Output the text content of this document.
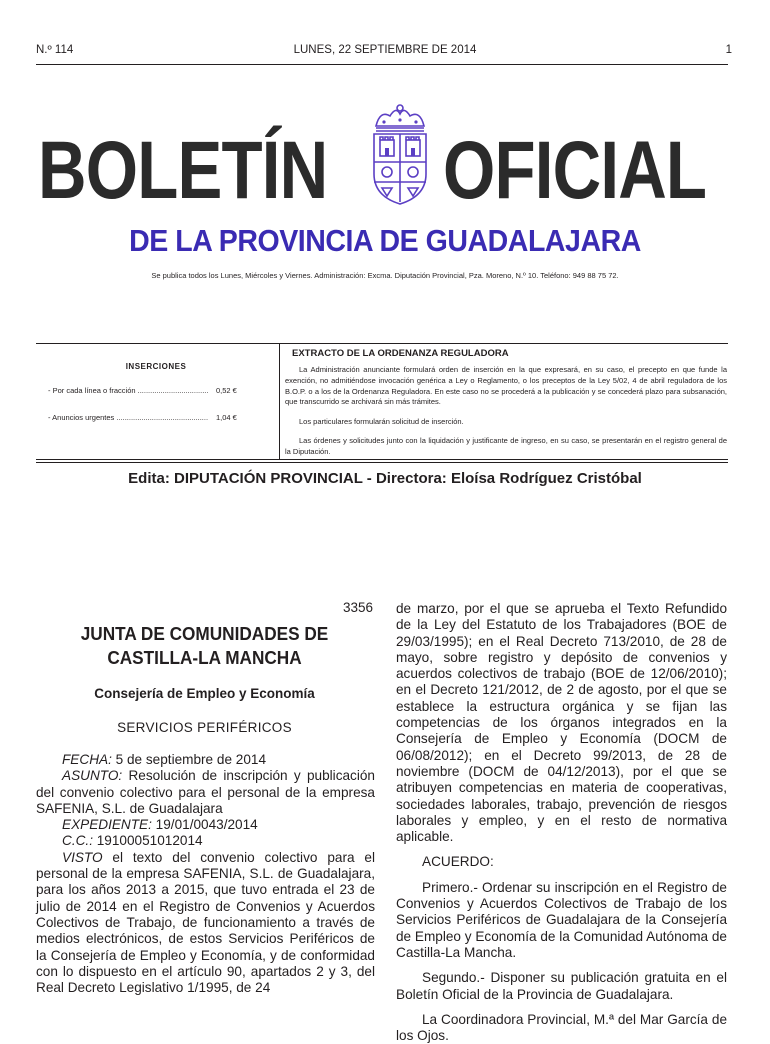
N.º 114	LUNES, 22 SEPTIEMBRE DE 2014	1
BOLETÍN OFICIAL
DE LA PROVINCIA DE GUADALAJARA
Se publica todos los Lunes, Miércoles y Viernes. Administración: Excma. Diputación Provincial, Pza. Moreno, N.º 10. Teléfono: 949 88 75 72.
INSERCIONES
- Por cada línea o fracción .................................. 0,52 €
- Anuncios urgentes ............................................ 1,04 €
EXTRACTO DE LA ORDENANZA REGULADORA
La Administración anunciante formulará orden de inserción en la que expresará, en su caso, el precepto en que funde la exención, no admitiéndose invocación genérica a Ley o Reglamento, o los preceptos de la Ley 5/02, 4 de abril reguladora de los B.O.P. o a los de la Ordenanza Reguladora. En este caso no se procederá a la publicación y se concederá plazo para subsanación, que transcurrido se archivará sin más trámites.
Los particulares formularán solicitud de inserción.
Las órdenes y solicitudes junto con la liquidación y justificante de ingreso, en su caso, se presentarán en el registro general de la Diputación.
Edita: DIPUTACIÓN PROVINCIAL - Directora: Eloísa Rodríguez Cristóbal
3356
JUNTA DE COMUNIDADES DE
CASTILLA-LA MANCHA
Consejería de Empleo y Economía
SERVICIOS PERIFÉRICOS

FECHA: 5 de septiembre de 2014

ASUNTO: Resolución de inscripción y publicación del convenio colectivo para el personal de la empresa SAFENIA, S.L. de Guadalajara

EXPEDIENTE: 19/01/0043/2014

C.C.: 19100051012014

VISTO el texto del convenio colectivo para el personal de la empresa SAFENIA, S.L. de Guadalajara, para los años 2013 a 2015, que tuvo entrada el 23 de julio de 2014 en el Registro de Convenios y Acuerdos Colectivos de Trabajo, de funcionamiento a través de medios electrónicos, de estos Servicios Periféricos de la Consejería de Empleo y Economía, y de conformidad con lo dispuesto en el artículo 90, apartados 2 y 3, del Real Decreto Legislativo 1/1995, de 24

de marzo, por el que se aprueba el Texto Refundido de la Ley del Estatuto de los Trabajadores (BOE de 29/03/1995); en el Real Decreto 713/2010, de 28 de mayo, sobre registro y depósito de convenios y acuerdos colectivos de trabajo (BOE de 12/06/2010); en el Decreto 121/2012, de 2 de agosto, por el que se establece la estructura orgánica y se fijan las competencias de los órganos integrados en la Consejería de Empleo y Economía (DOCM de 06/08/2012); en el Decreto 99/2013, de 28 de noviembre (DOCM de 04/12/2013), por el que se atribuyen competencias en materia de cooperativas, sociedades laborales, trabajo, prevención de riesgos laborales y empleo, y en el resto de normativa aplicable.

ACUERDO:

Primero.- Ordenar su inscripción en el Registro de Convenios y Acuerdos Colectivos de Trabajo de los Servicios Periféricos de Guadalajara de la Consejería de Empleo y Economía de la Comunidad Autónoma de Castilla-La Mancha.

Segundo.- Disponer su publicación gratuita en el Boletín Oficial de la Provincia de Guadalajara.

La Coordinadora Provincial, M.ª del Mar García de los Ojos.
